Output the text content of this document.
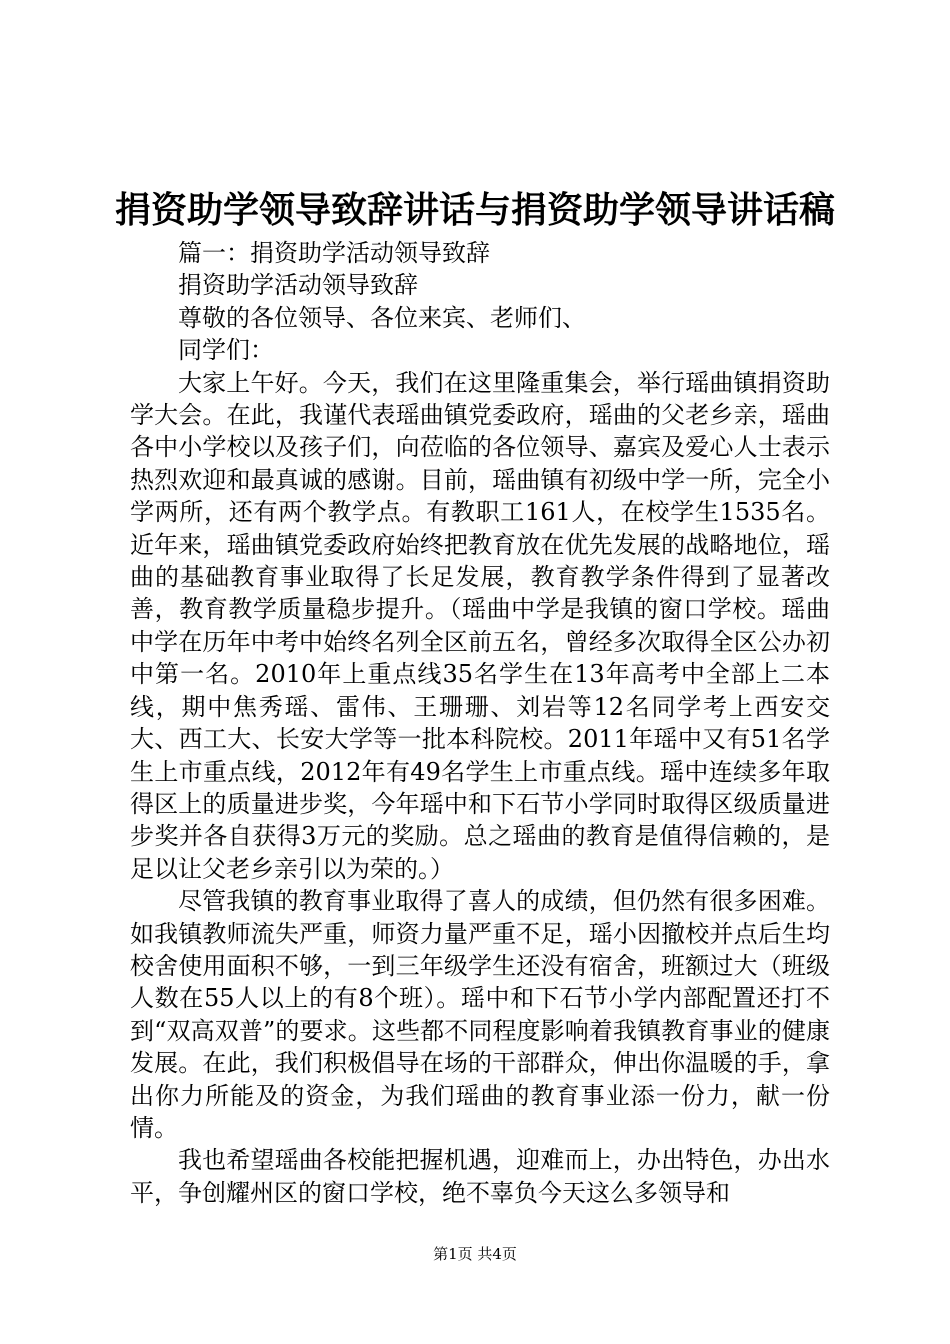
捐资助学领导致辞讲话与捐资助学领导讲话稿

篇一：捐资助学活动领导致辞

捐资助学活动领导致辞

尊敬的各位领导、各位来宾、老师们、

同学们：

大家上午好。今天，我们在这里隆重集会，举行瑶曲镇捐资助学大会。在此，我谨代表瑶曲镇党委政府，瑶曲的父老乡亲，瑶曲各中小学校以及孩子们，向莅临的各位领导、嘉宾及爱心人士表示热烈欢迎和最真诚的感谢。目前，瑶曲镇有初级中学一所，完全小学两所，还有两个教学点。有教职工161人，在校学生1535名。近年来，瑶曲镇党委政府始终把教育放在优先发展的战略地位，瑶曲的基础教育事业取得了长足发展，教育教学条件得到了显著改善，教育教学质量稳步提升。（瑶曲中学是我镇的窗口学校。瑶曲中学在历年中考中始终名列全区前五名，曾经多次取得全区公办初中第一名。2010年上重点线35名学生在13年高考中全部上二本线，期中焦秀瑶、雷伟、王珊珊、刘岩等12名同学考上西安交大、西工大、长安大学等一批本科院校。2011年瑶中又有51名学生上市重点线，2012年有49名学生上市重点线。瑶中连续多年取得区上的质量进步奖，今年瑶中和下石节小学同时取得区级质量进步奖并各自获得3万元的奖励。总之瑶曲的教育是值得信赖的，是足以让父老乡亲引以为荣的。）

尽管我镇的教育事业取得了喜人的成绩，但仍然有很多困难。如我镇教师流失严重，师资力量严重不足，瑶小因撤校并点后生均校舍使用面积不够，一到三年级学生还没有宿舍，班额过大（班级人数在55人以上的有8个班）。瑶中和下石节小学内部配置还打不到“双高双普”的要求。这些都不同程度影响着我镇教育事业的健康发展。在此，我们积极倡导在场的干部群众，伸出你温暖的手，拿出你力所能及的资金，为我们瑶曲的教育事业添一份力，献一份情。

我也希望瑶曲各校能把握机遇，迎难而上，办出特色，办出水平，争创耀州区的窗口学校，绝不辜负今天这么多领导和

第1页 共4页
